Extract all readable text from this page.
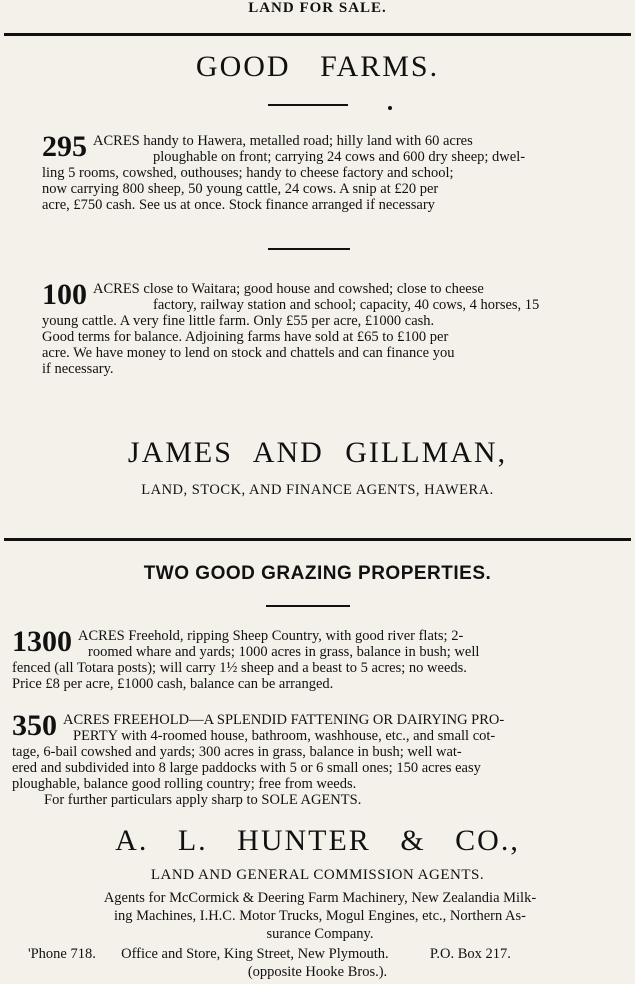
LAND FOR SALE.
GOOD FARMS.
295 ACRES handy to Hawera, metalled road; hilly land with 60 acres
ploughable on front; carrying 24 cows and 600 dry sheep; dwel-
ling 5 rooms, cowshed, outhouses; handy to cheese factory and school;
now carrying 800 sheep, 50 young cattle, 24 cows. A snip at £20 per
acre, £750 cash. See us at once. Stock finance arranged if necessary
100 ACRES close to Waitara; good house and cowshed; close to cheese
factory, railway station and school; capacity, 40 cows, 4 horses, 15
young cattle. A very fine little farm. Only £55 per acre, £1000 cash.
Good terms for balance. Adjoining farms have sold at £65 to £100 per
acre. We have money to lend on stock and chattels and can finance you
if necessary.
JAMES AND GILLMAN,
LAND, STOCK, AND FINANCE AGENTS, HAWERA.
TWO GOOD GRAZING PROPERTIES.
1300 ACRES Freehold, ripping Sheep Country, with good river flats; 2-
roomed whare and yards; 1000 acres in grass, balance in bush; well
fenced (all Totara posts); will carry 1½ sheep and a beast to 5 acres; no weeds.
Price £8 per acre, £1000 cash, balance can be arranged.
350 ACRES FREEHOLD—A SPLENDID FATTENING OR DAIRYING PRO-
PERTY with 4-roomed house, bathroom, washhouse, etc., and small cot-
tage, 6-bail cowshed and yards; 300 acres in grass, balance in bush; well wat-
ered and subdivided into 8 large paddocks with 5 or 6 small ones; 150 acres easy
ploughable, balance good rolling country; free from weeds.
For further particulars apply sharp to SOLE AGENTS.
A. L. HUNTER & CO.,
LAND AND GENERAL COMMISSION AGENTS.
Agents for McCormick & Deering Farm Machinery, New Zealandia Milk-
ing Machines, I.H.C. Motor Trucks, Mogul Engines, etc., Northern As-
surance Company.
'Phone 718. Office and Store, King Street, New Plymouth.	P.O. Box 217.
(opposite Hooke Bros.).
